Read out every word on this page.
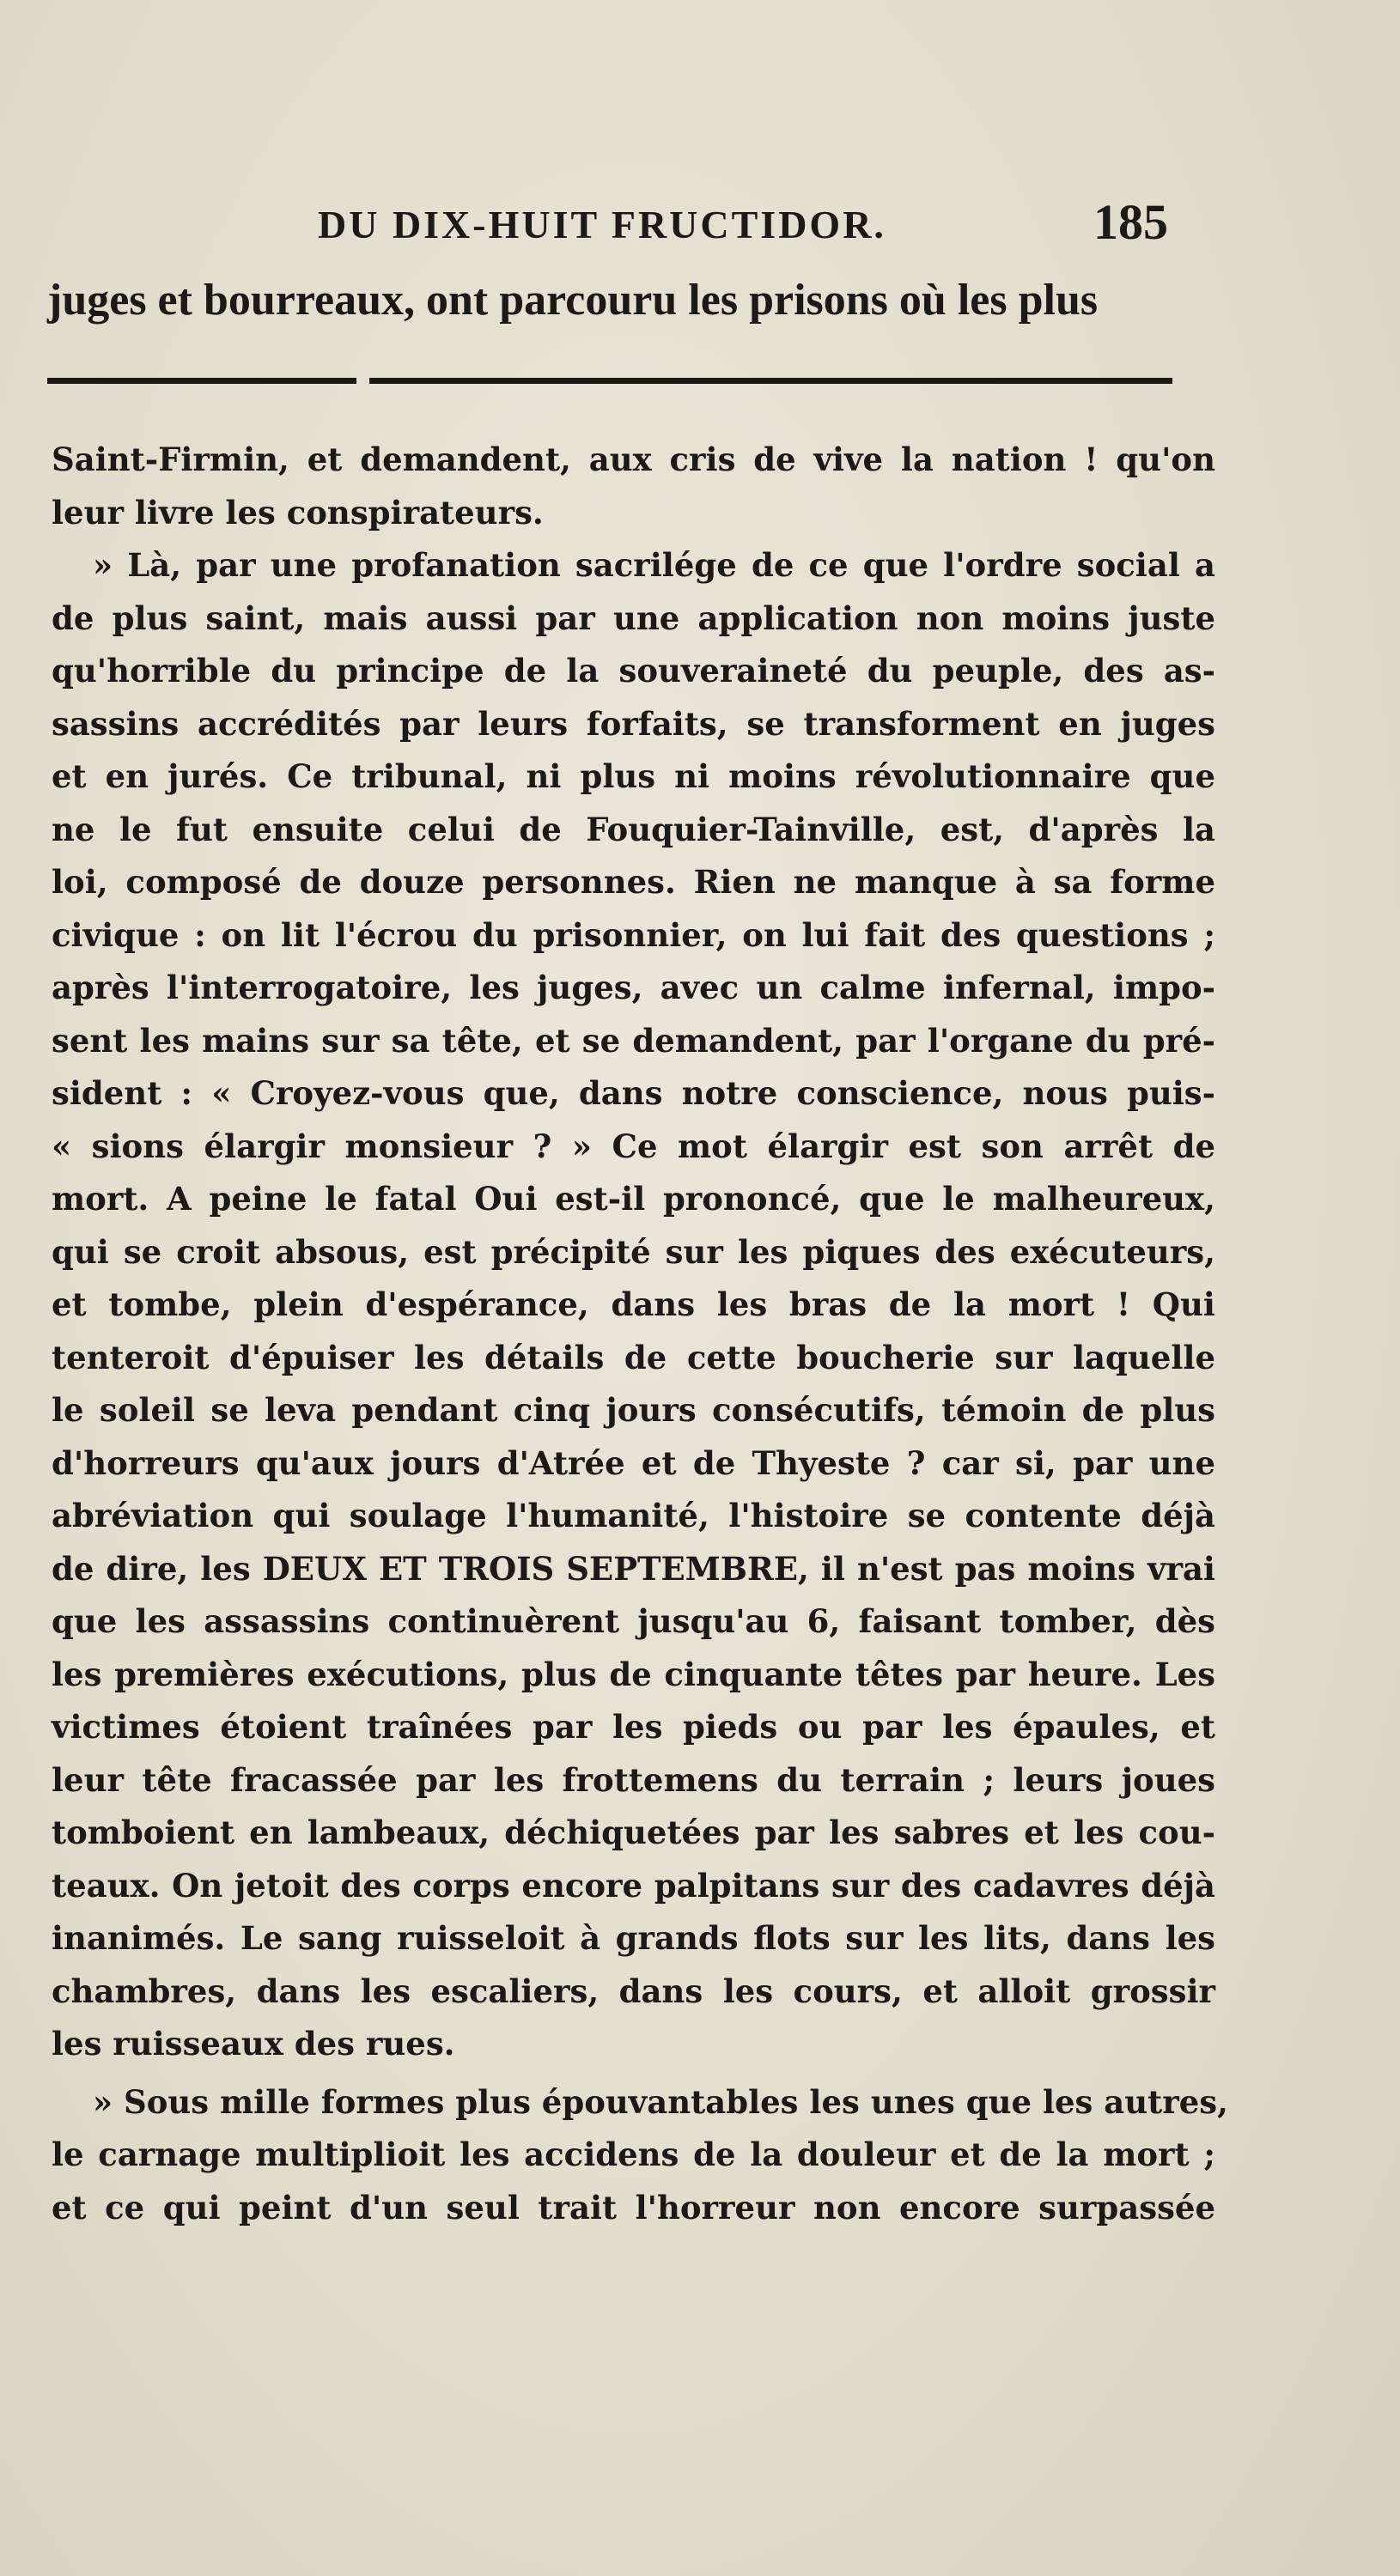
DU DIX-HUIT FRUCTIDOR.	185
juges et bourreaux, ont parcouru les prisons où les plus
Saint-Firmin, et demandent, aux cris de vive la nation ! qu'on
leur livre les conspirateurs.
» Là, par une profanation sacrilége de ce que l'ordre social a
de plus saint, mais aussi par une application non moins juste
qu'horrible du principe de la souveraineté du peuple, des as-
sassins accrédités par leurs forfaits, se transforment en juges
et en jurés. Ce tribunal, ni plus ni moins révolutionnaire que
ne le fut ensuite celui de Fouquier-Tainville, est, d'après la
loi, composé de douze personnes. Rien ne manque à sa forme
civique : on lit l'écrou du prisonnier, on lui fait des questions ;
après l'interrogatoire, les juges, avec un calme infernal, impo-
sent les mains sur sa tête, et se demandent, par l'organe du pré-
sident : « Croyez-vous que, dans notre conscience, nous puis-
« sions élargir monsieur ? » Ce mot élargir est son arrêt de
mort. A peine le fatal Oui est-il prononcé, que le malheureux,
qui se croit absous, est précipité sur les piques des exécuteurs,
et tombe, plein d'espérance, dans les bras de la mort ! Qui
tenteroit d'épuiser les détails de cette boucherie sur laquelle
le soleil se leva pendant cinq jours consécutifs, témoin de plus
d'horreurs qu'aux jours d'Atrée et de Thyeste ? car si, par une
abréviation qui soulage l'humanité, l'histoire se contente déjà
de dire, les DEUX ET TROIS SEPTEMBRE, il n'est pas moins vrai
que les assassins continuèrent jusqu'au 6, faisant tomber, dès
les premières exécutions, plus de cinquante têtes par heure. Les
victimes étoient traînées par les pieds ou par les épaules, et
leur tête fracassée par les frottemens du terrain ; leurs joues
tomboient en lambeaux, déchiquetées par les sabres et les cou-
teaux. On jetoit des corps encore palpitans sur des cadavres déjà
inanimés. Le sang ruisseloit à grands flots sur les lits, dans les
chambres, dans les escaliers, dans les cours, et alloit grossir
les ruisseaux des rues.
» Sous mille formes plus épouvantables les unes que les autres,
le carnage multiplioit les accidens de la douleur et de la mort ;
et ce qui peint d'un seul trait l'horreur non encore surpassée
